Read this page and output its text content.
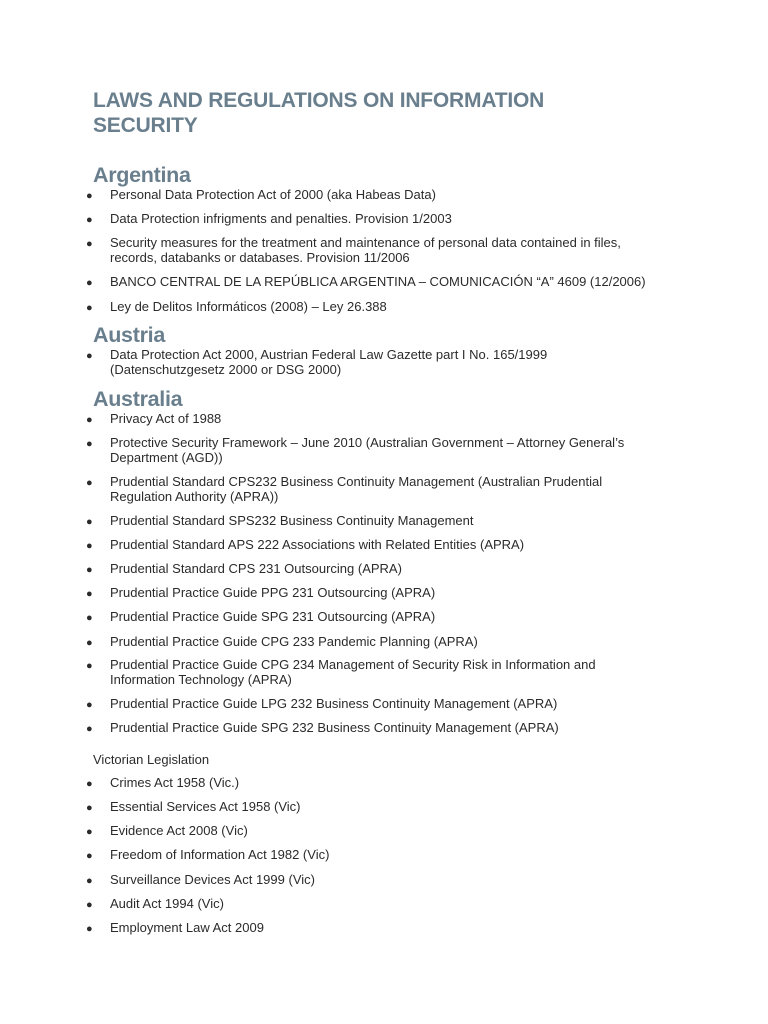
LAWS AND REGULATIONS ON INFORMATION SECURITY
Argentina
● Personal Data Protection Act of 2000 (aka Habeas Data)
● Data Protection infrigments and penalties. Provision 1/2003
● Security measures for the treatment and maintenance of personal data contained in files, records, databanks or databases. Provision 11/2006
● BANCO CENTRAL DE LA REPÚBLICA ARGENTINA – COMUNICACIÓN “A” 4609 (12/2006)
● Ley de Delitos Informáticos (2008) – Ley 26.388
Austria
● Data Protection Act 2000, Austrian Federal Law Gazette part I No. 165/1999 (Datenschutzgesetz 2000 or DSG 2000)
Australia
● Privacy Act of 1988
● Protective Security Framework – June 2010 (Australian Government – Attorney General’s Department (AGD))
● Prudential Standard CPS232 Business Continuity Management (Australian Prudential Regulation Authority (APRA))
● Prudential Standard SPS232 Business Continuity Management
● Prudential Standard APS 222 Associations with Related Entities (APRA)
● Prudential Standard CPS 231 Outsourcing (APRA)
● Prudential Practice Guide PPG 231 Outsourcing (APRA)
● Prudential Practice Guide SPG 231 Outsourcing (APRA)
● Prudential Practice Guide CPG 233 Pandemic Planning (APRA)
● Prudential Practice Guide CPG 234 Management of Security Risk in Information and Information Technology (APRA)
● Prudential Practice Guide LPG 232 Business Continuity Management (APRA)
● Prudential Practice Guide SPG 232 Business Continuity Management (APRA)

Victorian Legislation

● Crimes Act 1958 (Vic.)
● Essential Services Act 1958 (Vic)
● Evidence Act 2008 (Vic)
● Freedom of Information Act 1982 (Vic)
● Surveillance Devices Act 1999 (Vic)
● Audit Act 1994 (Vic)
● Employment Law Act 2009
